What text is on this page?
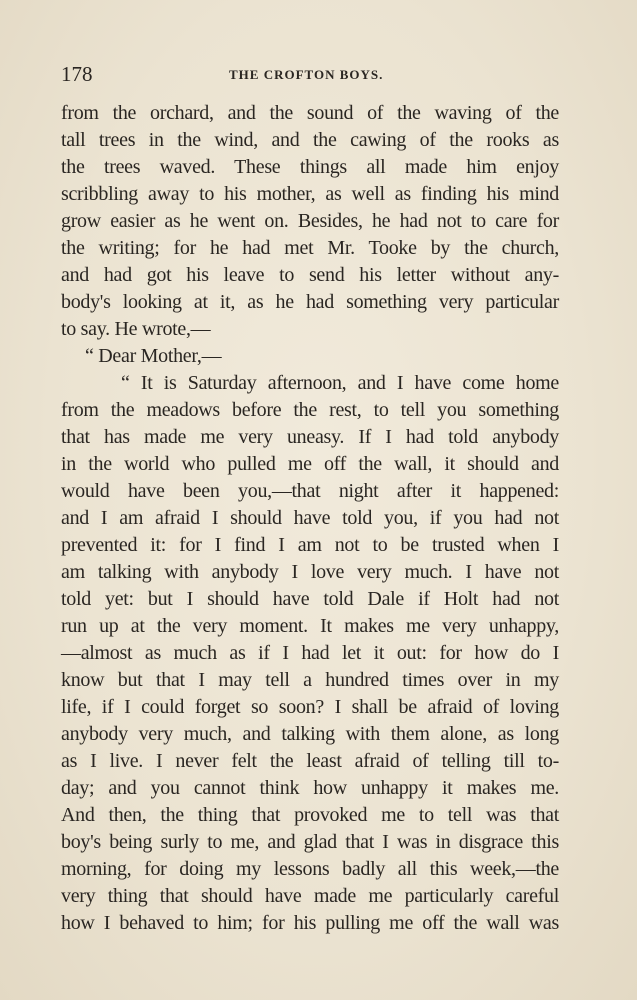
178	THE CROFTON BOYS.
from the orchard, and the sound of the waving of the
tall trees in the wind, and the cawing of the rooks as
the trees waved. These things all made him enjoy
scribbling away to his mother, as well as finding his mind
grow easier as he went on. Besides, he had not to care for
the writing; for he had met Mr. Tooke by the church,
and had got his leave to send his letter without any-
body's looking at it, as he had something very particular
to say. He wrote,—
“ Dear Mother,—
“ It is Saturday afternoon, and I have come home
from the meadows before the rest, to tell you something
that has made me very uneasy. If I had told anybody
in the world who pulled me off the wall, it should and
would have been you,—that night after it happened:
and I am afraid I should have told you, if you had not
prevented it: for I find I am not to be trusted when I
am talking with anybody I love very much. I have not
told yet: but I should have told Dale if Holt had not
run up at the very moment. It makes me very unhappy,
—almost as much as if I had let it out: for how do I
know but that I may tell a hundred times over in my
life, if I could forget so soon? I shall be afraid of loving
anybody very much, and talking with them alone, as long
as I live. I never felt the least afraid of telling till to-
day; and you cannot think how unhappy it makes me.
And then, the thing that provoked me to tell was that
boy's being surly to me, and glad that I was in disgrace this
morning, for doing my lessons badly all this week,—the
very thing that should have made me particularly careful
how I behaved to him; for his pulling me off the wall was
